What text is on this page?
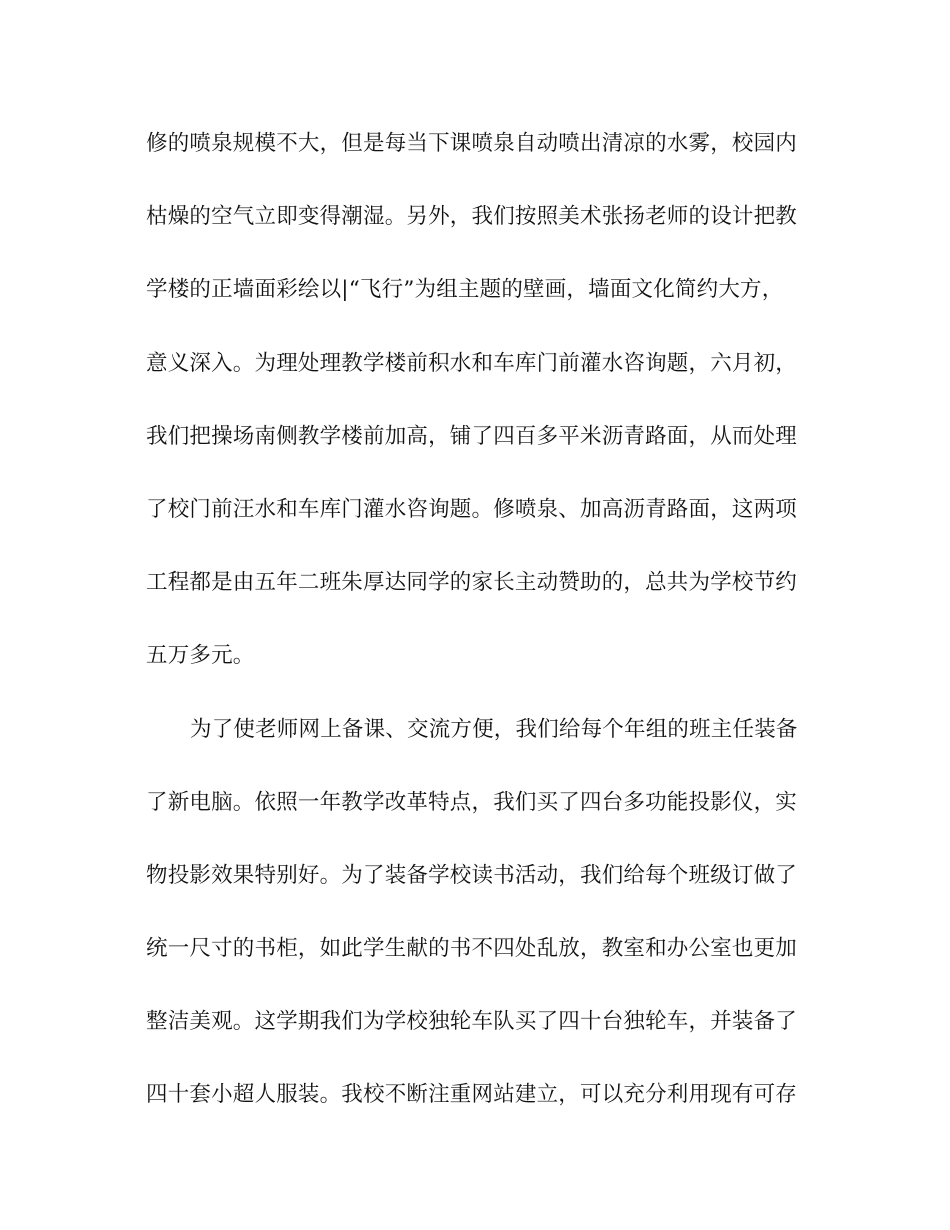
修的喷泉规模不大，但是每当下课喷泉自动喷出清凉的水雾，校园内
枯燥的空气立即变得潮湿。另外，我们按照美术张扬老师的设计把教
学楼的正墙面彩绘以|“飞行”为组主题的壁画，墙面文化简约大方，
意义深入。为理处理教学楼前积水和车库门前灌水咨询题，六月初，
我们把操场南侧教学楼前加高，铺了四百多平米沥青路面，从而处理
了校门前汪水和车库门灌水咨询题。修喷泉、加高沥青路面，这两项
工程都是由五年二班朱厚达同学的家长主动赞助的，总共为学校节约
五万多元。
为了使老师网上备课、交流方便，我们给每个年组的班主任装备
了新电脑。依照一年教学改革特点，我们买了四台多功能投影仪，实
物投影效果特别好。为了装备学校读书活动，我们给每个班级订做了
统一尺寸的书柜，如此学生献的书不四处乱放，教室和办公室也更加
整洁美观。这学期我们为学校独轮车队买了四十台独轮车，并装备了
四十套小超人服装。我校不断注重网站建立，可以充分利用现有可存
